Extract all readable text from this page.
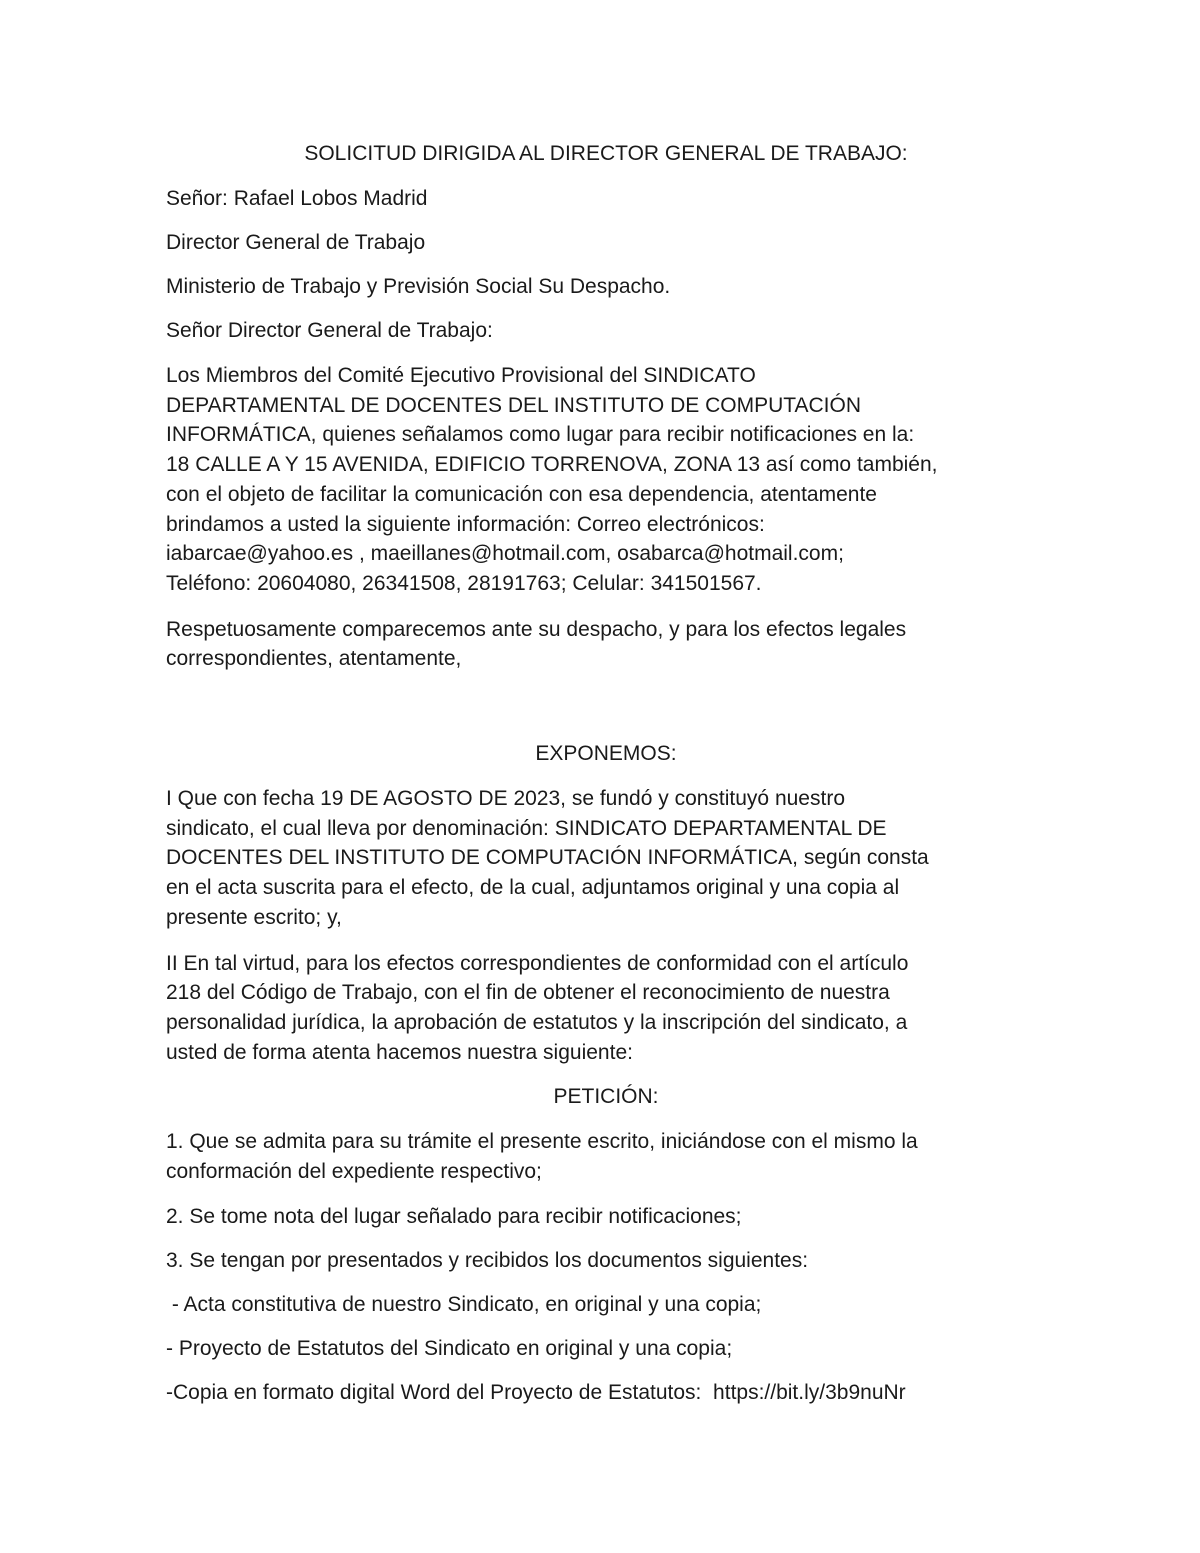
SOLICITUD DIRIGIDA AL DIRECTOR GENERAL DE TRABAJO:
Señor: Rafael Lobos Madrid
Director General de Trabajo
Ministerio de Trabajo y Previsión Social Su Despacho.
Señor Director General de Trabajo:
Los Miembros del Comité Ejecutivo Provisional del SINDICATO
DEPARTAMENTAL DE DOCENTES DEL INSTITUTO DE COMPUTACIÓN
INFORMÁTICA, quienes señalamos como lugar para recibir notificaciones en la:
18 CALLE A Y 15 AVENIDA, EDIFICIO TORRENOVA, ZONA 13 así como también,
con el objeto de facilitar la comunicación con esa dependencia, atentamente
brindamos a usted la siguiente información: Correo electrónicos:
iabarcae@yahoo.es , maeillanes@hotmail.com, osabarca@hotmail.com;
Teléfono: 20604080, 26341508, 28191763; Celular: 341501567.
Respetuosamente comparecemos ante su despacho, y para los efectos legales
correspondientes, atentamente,
EXPONEMOS:
I Que con fecha 19 DE AGOSTO DE 2023, se fundó y constituyó nuestro
sindicato, el cual lleva por denominación: SINDICATO DEPARTAMENTAL DE
DOCENTES DEL INSTITUTO DE COMPUTACIÓN INFORMÁTICA, según consta
en el acta suscrita para el efecto, de la cual, adjuntamos original y una copia al
presente escrito; y,
II En tal virtud, para los efectos correspondientes de conformidad con el artículo
218 del Código de Trabajo, con el fin de obtener el reconocimiento de nuestra
personalidad jurídica, la aprobación de estatutos y la inscripción del sindicato, a
usted de forma atenta hacemos nuestra siguiente:
PETICIÓN:
1. Que se admita para su trámite el presente escrito, iniciándose con el mismo la
conformación del expediente respectivo;
2. Se tome nota del lugar señalado para recibir notificaciones;
3. Se tengan por presentados y recibidos los documentos siguientes:
- Acta constitutiva de nuestro Sindicato, en original y una copia;
- Proyecto de Estatutos del Sindicato en original y una copia;
-Copia en formato digital Word del Proyecto de Estatutos:  https://bit.ly/3b9nuNr
